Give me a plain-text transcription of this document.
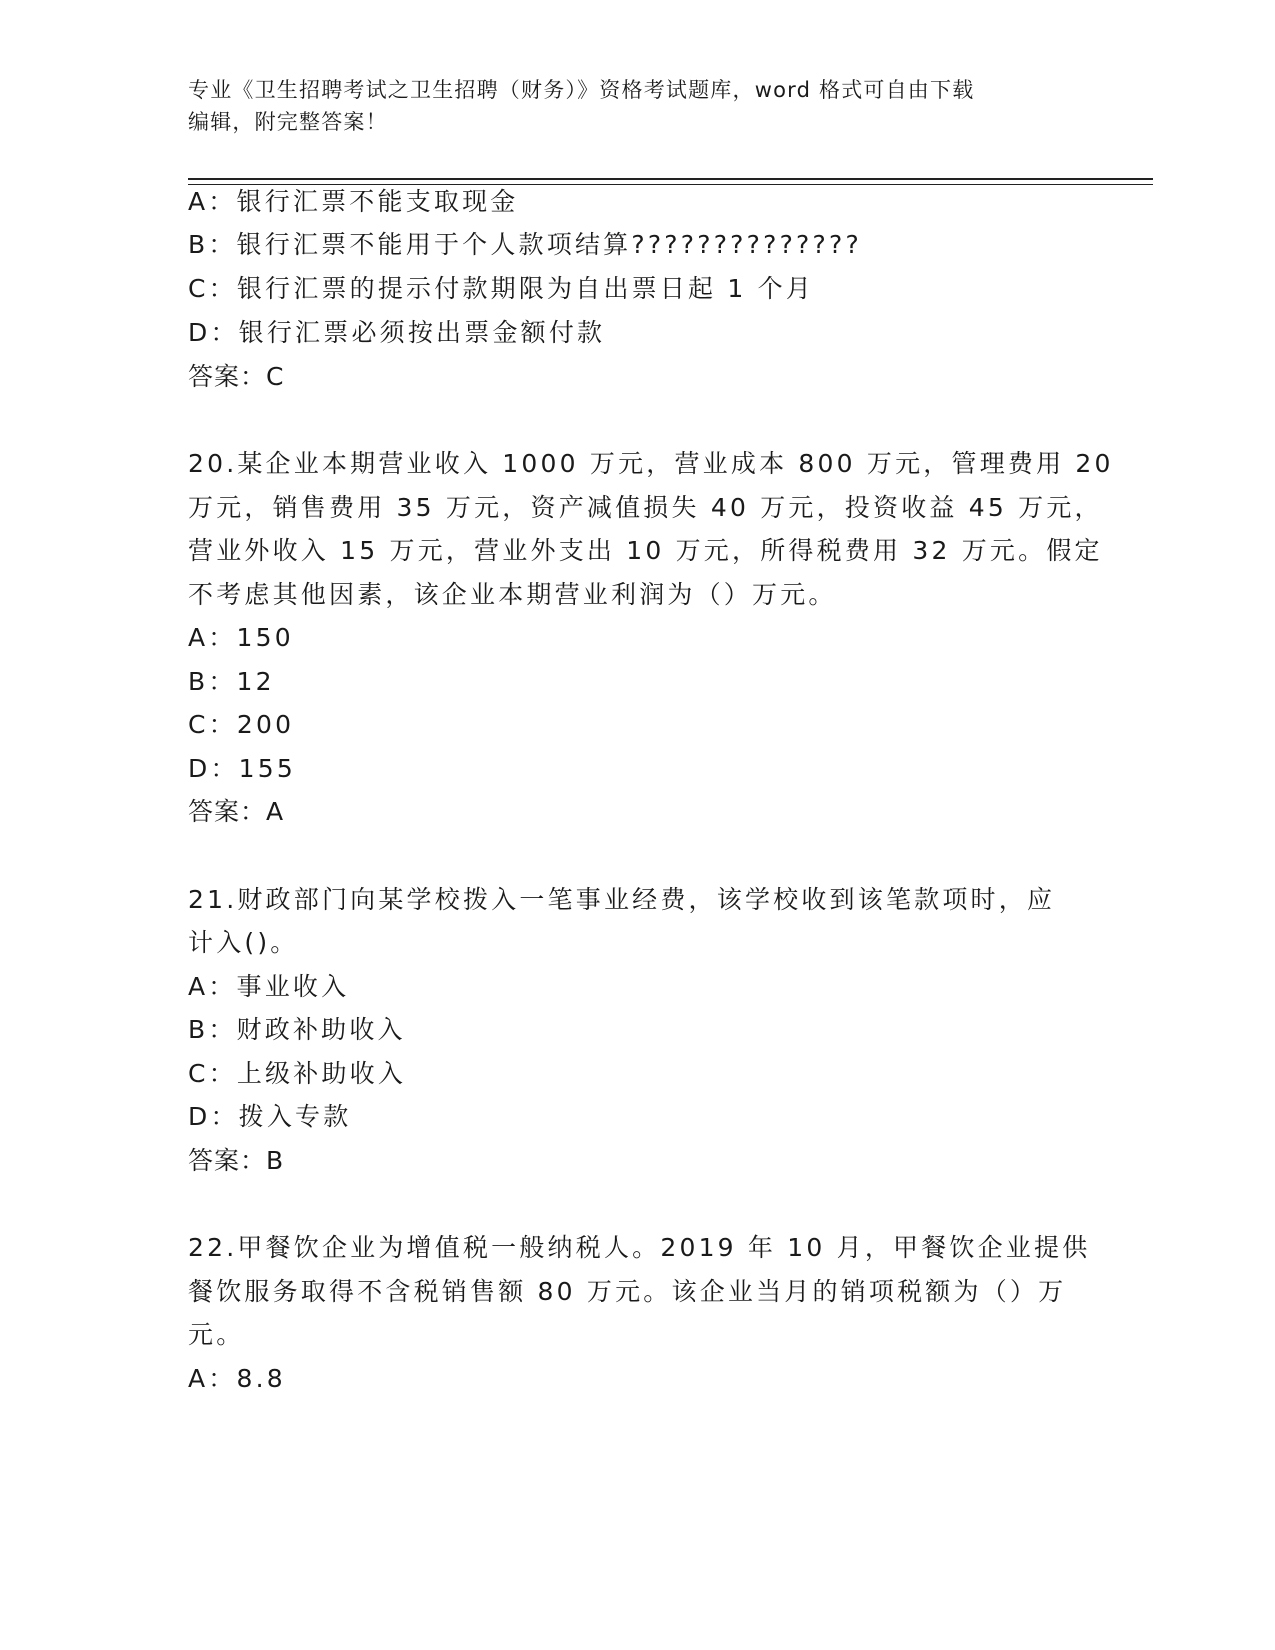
专业《卫生招聘考试之卫生招聘（财务）》资格考试题库，word 格式可自由下载
编辑，附完整答案！
A：银行汇票不能支取现金
B：银行汇票不能用于个人款项结算??????????????
C：银行汇票的提示付款期限为自出票日起 1 个月
D：银行汇票必须按出票金额付款
答案：C
20.某企业本期营业收入 1000 万元，营业成本 800 万元，管理费用 20
万元，销售费用 35 万元，资产减值损失 40 万元，投资收益 45 万元，
营业外收入 15 万元，营业外支出 10 万元，所得税费用 32 万元。假定
不考虑其他因素，该企业本期营业利润为（）万元。
A：150
B：12
C：200
D：155
答案：A
21.财政部门向某学校拨入一笔事业经费，该学校收到该笔款项时，应
计入()。
A：事业收入
B：财政补助收入
C：上级补助收入
D：拨入专款
答案：B
22.甲餐饮企业为增值税一般纳税人。2019 年 10 月，甲餐饮企业提供
餐饮服务取得不含税销售额 80 万元。该企业当月的销项税额为（）万
元。
A：8.8
